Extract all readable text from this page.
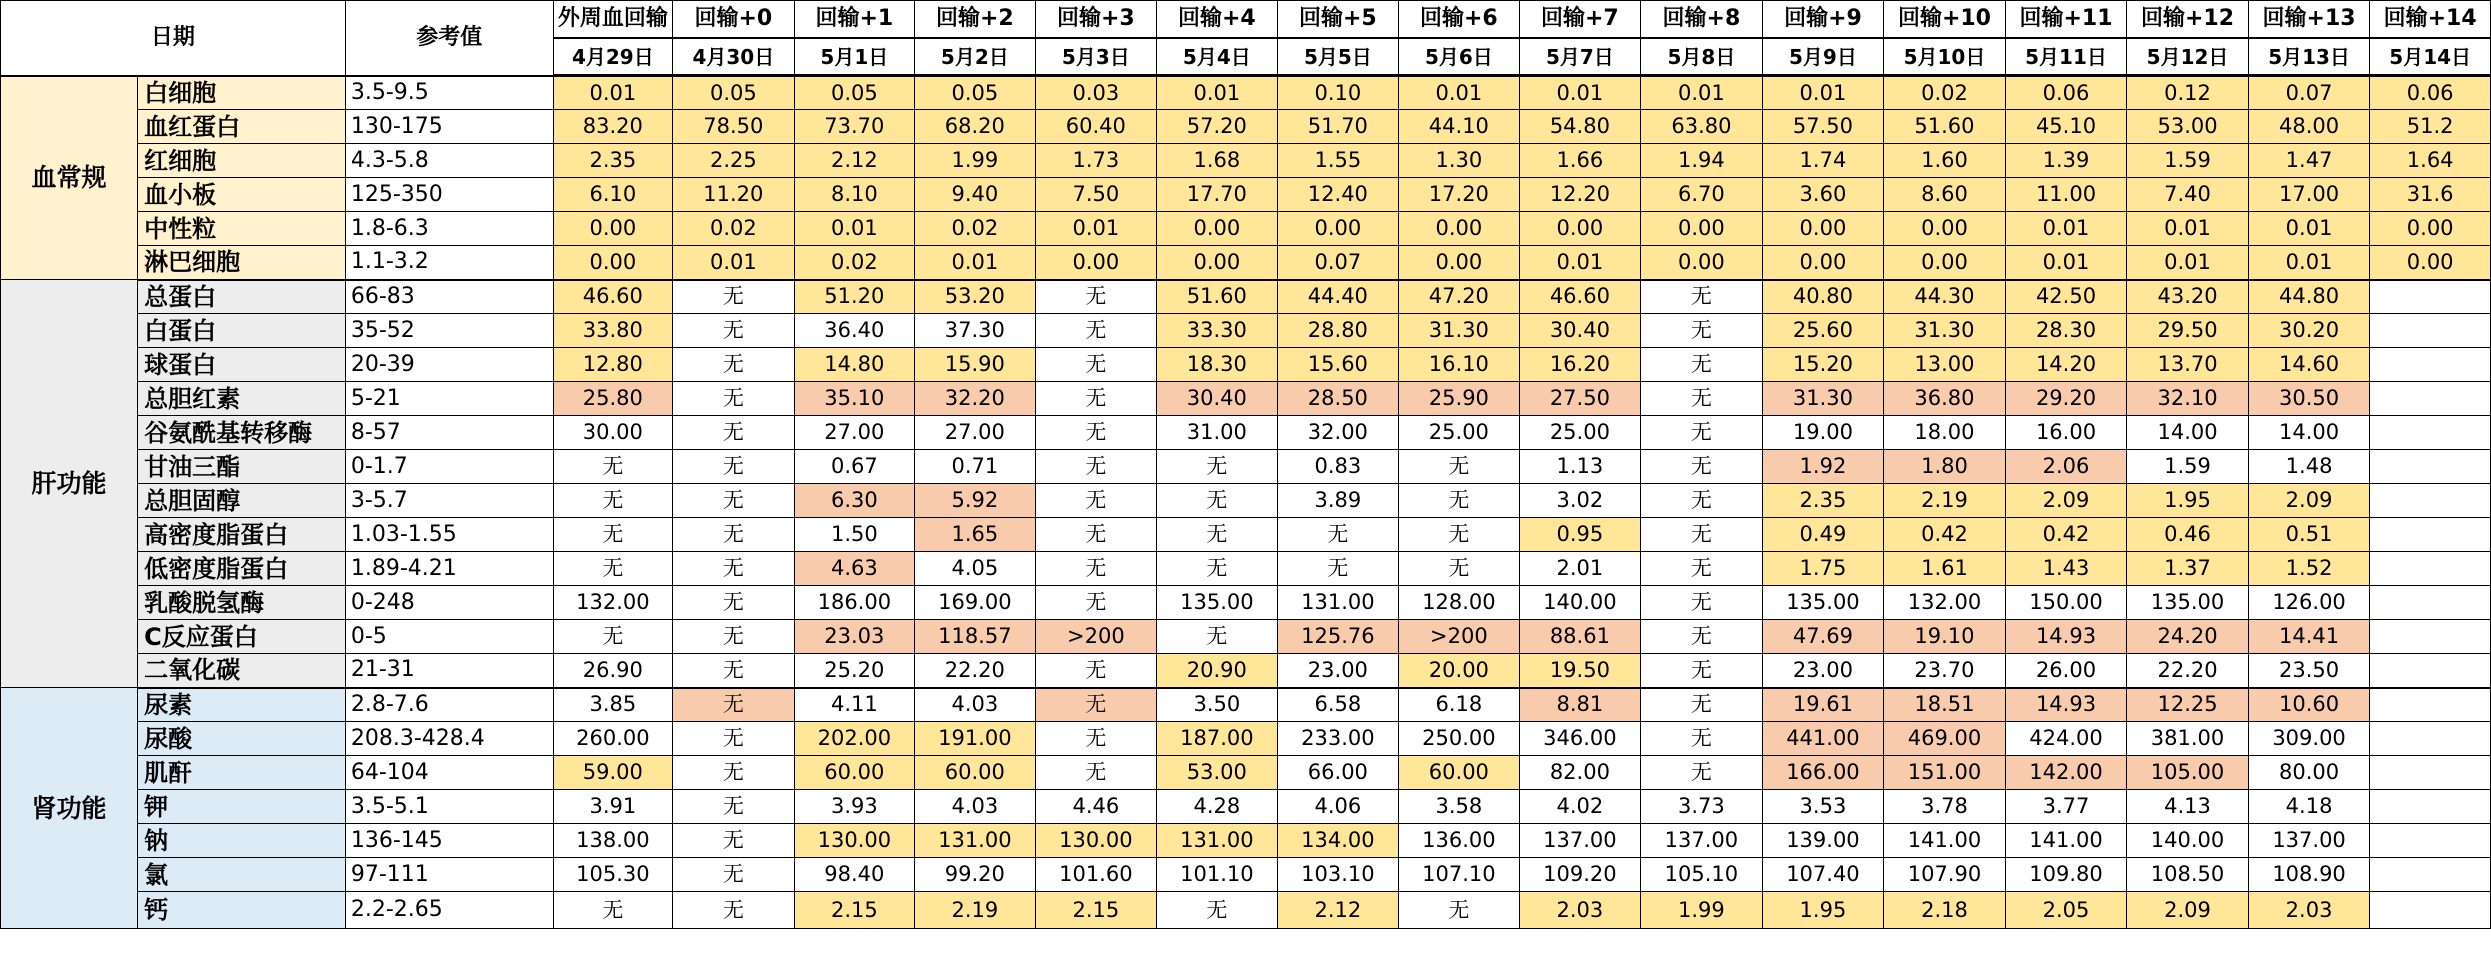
日期		参考值	外周血回输	回输+0	回输+1	回输+2	回输+3	回输+4	回输+5	回输+6	回输+7	回输+8	回输+9	回输+10	回输+11	回输+12	回输+13	回输+14
			4月29日	4月30日	5月1日	5月2日	5月3日	5月4日	5月5日	5月6日	5月7日	5月8日	5月9日	5月10日	5月11日	5月12日	5月13日	5月14日
血常规	白细胞	3.5-9.5	0.01	0.05	0.05	0.05	0.03	0.01	0.10	0.01	0.01	0.01	0.01	0.02	0.06	0.12	0.07	0.06
	血红蛋白	130-175	83.20	78.50	73.70	68.20	60.40	57.20	51.70	44.10	54.80	63.80	57.50	51.60	45.10	53.00	48.00	51.2
	红细胞	4.3-5.8	2.35	2.25	2.12	1.99	1.73	1.68	1.55	1.30	1.66	1.94	1.74	1.60	1.39	1.59	1.47	1.64
	血小板	125-350	6.10	11.20	8.10	9.40	7.50	17.70	12.40	17.20	12.20	6.70	3.60	8.60	11.00	7.40	17.00	31.6
	中性粒	1.8-6.3	0.00	0.02	0.01	0.02	0.01	0.00	0.00	0.00	0.00	0.00	0.00	0.00	0.01	0.01	0.01	0.00
	淋巴细胞	1.1-3.2	0.00	0.01	0.02	0.01	0.00	0.00	0.07	0.00	0.01	0.00	0.00	0.00	0.01	0.01	0.01	0.00
肝功能	总蛋白	66-83	46.60	无	51.20	53.20	无	51.60	44.40	47.20	46.60	无	40.80	44.30	42.50	43.20	44.80	
	白蛋白	35-52	33.80	无	36.40	37.30	无	33.30	28.80	31.30	30.40	无	25.60	31.30	28.30	29.50	30.20	
	球蛋白	20-39	12.80	无	14.80	15.90	无	18.30	15.60	16.10	16.20	无	15.20	13.00	14.20	13.70	14.60	
	总胆红素	5-21	25.80	无	35.10	32.20	无	30.40	28.50	25.90	27.50	无	31.30	36.80	29.20	32.10	30.50	
	谷氨酰基转移酶	8-57	30.00	无	27.00	27.00	无	31.00	32.00	25.00	25.00	无	19.00	18.00	16.00	14.00	14.00	
	甘油三酯	0-1.7	无	无	0.67	0.71	无	无	0.83	无	1.13	无	1.92	1.80	2.06	1.59	1.48	
	总胆固醇	3-5.7	无	无	6.30	5.92	无	无	3.89	无	3.02	无	2.35	2.19	2.09	1.95	2.09	
	高密度脂蛋白	1.03-1.55	无	无	1.50	1.65	无	无	无	无	0.95	无	0.49	0.42	0.42	0.46	0.51	
	低密度脂蛋白	1.89-4.21	无	无	4.63	4.05	无	无	无	无	2.01	无	1.75	1.61	1.43	1.37	1.52	
	乳酸脱氢酶	0-248	132.00	无	186.00	169.00	无	135.00	131.00	128.00	140.00	无	135.00	132.00	150.00	135.00	126.00	
	C反应蛋白	0-5	无	无	23.03	118.57	>200	无	125.76	>200	88.61	无	47.69	19.10	14.93	24.20	14.41	
	二氧化碳	21-31	26.90	无	25.20	22.20	无	20.90	23.00	20.00	19.50	无	23.00	23.70	26.00	22.20	23.50	
肾功能	尿素	2.8-7.6	3.85	无	4.11	4.03	无	3.50	6.58	6.18	8.81	无	19.61	18.51	14.93	12.25	10.60	
	尿酸	208.3-428.4	260.00	无	202.00	191.00	无	187.00	233.00	250.00	346.00	无	441.00	469.00	424.00	381.00	309.00	
	肌酐	64-104	59.00	无	60.00	60.00	无	53.00	66.00	60.00	82.00	无	166.00	151.00	142.00	105.00	80.00	
	钾	3.5-5.1	3.91	无	3.93	4.03	4.46	4.28	4.06	3.58	4.02	3.73	3.53	3.78	3.77	4.13	4.18	
	钠	136-145	138.00	无	130.00	131.00	130.00	131.00	134.00	136.00	137.00	137.00	139.00	141.00	141.00	140.00	137.00	
	氯	97-111	105.30	无	98.40	99.20	101.60	101.10	103.10	107.10	109.20	105.10	107.40	107.90	109.80	108.50	108.90	
	钙	2.2-2.65	无	无	2.15	2.19	2.15	无	2.12	无	2.03	1.99	1.95	2.18	2.05	2.09	2.03	
